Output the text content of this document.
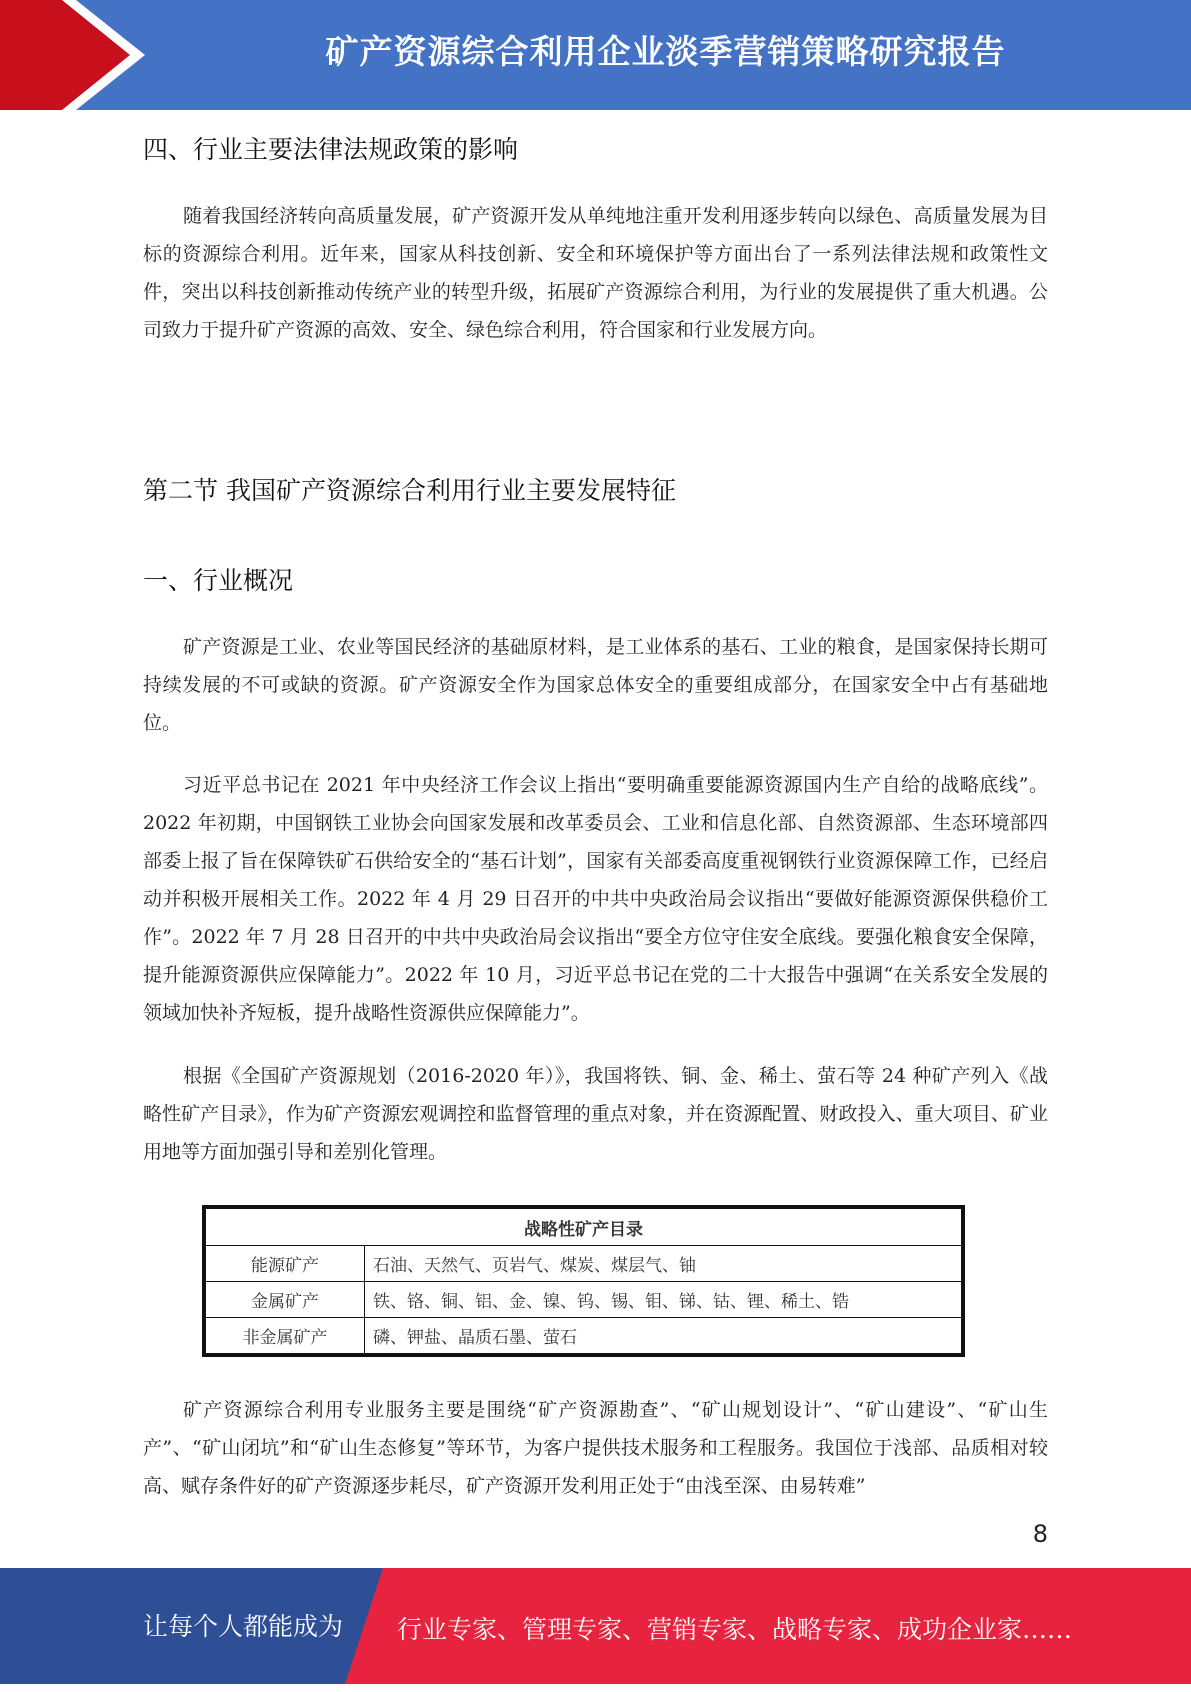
矿产资源综合利用企业淡季营销策略研究报告
四、行业主要法律法规政策的影响
随着我国经济转向高质量发展，矿产资源开发从单纯地注重开发利用逐步转向以绿色、高质量发展为目标的资源综合利用。近年来，国家从科技创新、安全和环境保护等方面出台了一系列法律法规和政策性文件，突出以科技创新推动传统产业的转型升级，拓展矿产资源综合利用，为行业的发展提供了重大机遇。公司致力于提升矿产资源的高效、安全、绿色综合利用，符合国家和行业发展方向。
第二节 我国矿产资源综合利用行业主要发展特征
一、行业概况
矿产资源是工业、农业等国民经济的基础原材料，是工业体系的基石、工业的粮食，是国家保持长期可持续发展的不可或缺的资源。矿产资源安全作为国家总体安全的重要组成部分，在国家安全中占有基础地位。
习近平总书记在 2021 年中央经济工作会议上指出“要明确重要能源资源国内生产自给的战略底线”。2022 年初期，中国钢铁工业协会向国家发展和改革委员会、工业和信息化部、自然资源部、生态环境部四部委上报了旨在保障铁矿石供给安全的“基石计划”，国家有关部委高度重视钢铁行业资源保障工作，已经启动并积极开展相关工作。2022 年 4 月 29 日召开的中共中央政治局会议指出“要做好能源资源保供稳价工作”。2022 年 7 月 28 日召开的中共中央政治局会议指出“要全方位守住安全底线。要强化粮食安全保障，提升能源资源供应保障能力”。2022 年 10 月，习近平总书记在党的二十大报告中强调“在关系安全发展的领域加快补齐短板，提升战略性资源供应保障能力”。
根据《全国矿产资源规划（2016-2020 年）》，我国将铁、铜、金、稀土、萤石等 24 种矿产列入《战略性矿产目录》，作为矿产资源宏观调控和监督管理的重点对象，并在资源配置、财政投入、重大项目、矿业用地等方面加强引导和差别化管理。
战略性矿产目录	
能源矿产	石油、天然气、页岩气、煤炭、煤层气、铀
金属矿产	铁、铬、铜、铝、金、镍、钨、锡、钼、锑、钴、锂、稀土、锆
非金属矿产	磷、钾盐、晶质石墨、萤石
矿产资源综合利用专业服务主要是围绕“矿产资源勘查”、“矿山规划设计”、“矿山建设”、“矿山生产”、“矿山闭坑”和“矿山生态修复”等环节，为客户提供技术服务和工程服务。我国位于浅部、品质相对较高、赋存条件好的矿产资源逐步耗尽，矿产资源开发利用正处于“由浅至深、由易转难”
8
让每个人都能成为 行业专家、管理专家、营销专家、战略专家、成功企业家……
